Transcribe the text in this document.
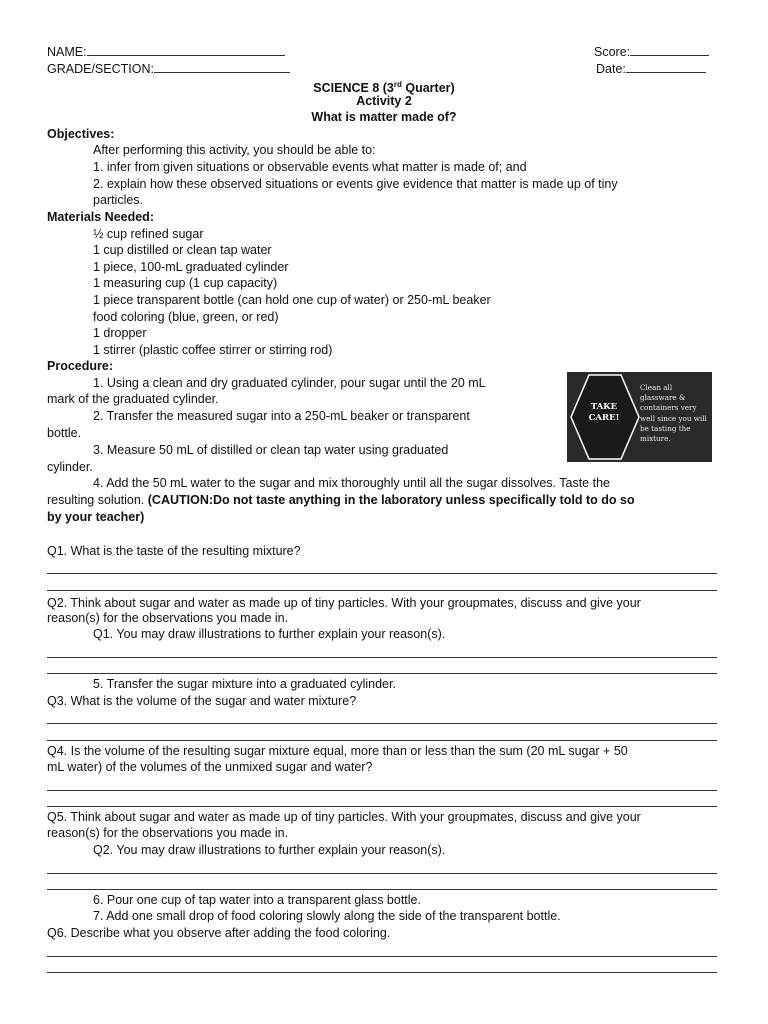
NAME:	Score:
GRADE/SECTION:	Date:
SCIENCE 8 (3rd Quarter)
Activity 2
What is matter made of?
Objectives:
After performing this activity, you should be able to:
1. infer from given situations or observable events what matter is made of; and
2. explain how these observed situations or events give evidence that matter is made up of tiny
particles.
Materials Needed:
½ cup refined sugar
1 cup distilled or clean tap water
1 piece, 100-mL graduated cylinder
1 measuring cup (1 cup capacity)
1 piece transparent bottle (can hold one cup of water) or 250-mL beaker
food coloring (blue, green, or red)
1 dropper
1 stirrer (plastic coffee stirrer or stirring rod)
Procedure:
1. Using a clean and dry graduated cylinder, pour sugar until the 20 mL
mark of the graduated cylinder.
2. Transfer the measured sugar into a 250-mL beaker or transparent
bottle.
3. Measure 50 mL of distilled or clean tap water using graduated
cylinder.
4. Add the 50 mL water to the sugar and mix thoroughly until all the sugar dissolves. Taste the
resulting solution. (CAUTION:Do not taste anything in the laboratory unless specifically told to do so
by your teacher)
TAKE
CARE!
Clean all glassware & containers very well since you will be tasting the mixture.
Q1. What is the taste of the resulting mixture?
Q2. Think about sugar and water as made up of tiny particles. With your groupmates, discuss and give your
reason(s) for the observations you made in.
Q1. You may draw illustrations to further explain your reason(s).
5. Transfer the sugar mixture into a graduated cylinder.
Q3. What is the volume of the sugar and water mixture?
Q4. Is the volume of the resulting sugar mixture equal, more than or less than the sum (20 mL sugar + 50
mL water) of the volumes of the unmixed sugar and water?
Q5. Think about sugar and water as made up of tiny particles. With your groupmates, discuss and give your
reason(s) for the observations you made in.
Q2. You may draw illustrations to further explain your reason(s).
6. Pour one cup of tap water into a transparent glass bottle.
7. Add one small drop of food coloring slowly along the side of the transparent bottle.
Q6. Describe what you observe after adding the food coloring.
